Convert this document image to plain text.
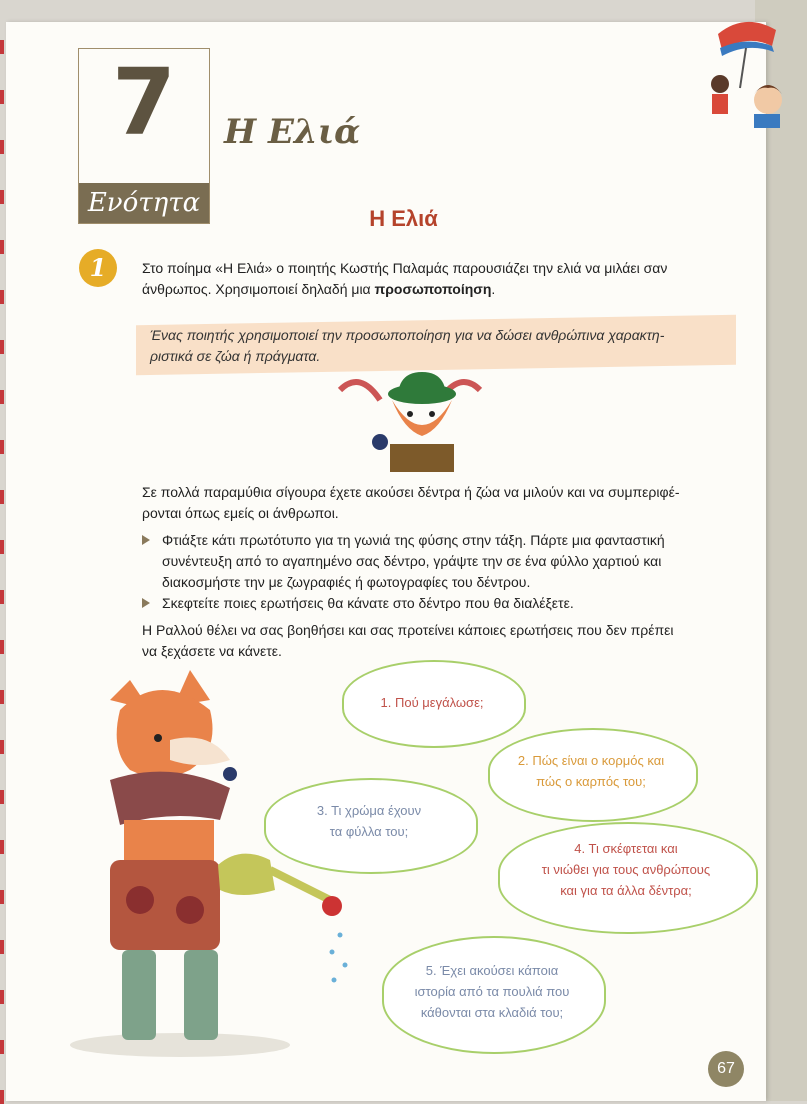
7
Ενότητα
Η Ελιά
Η Ελιά
1	Στο ποίημα «Η Ελιά» ο ποιητής Κωστής Παλαμάς παρουσιάζει την ελιά να μιλάει σαν
άνθρωπος. Χρησιμοποιεί δηλαδή μια προσωποποίηση.
Ένας ποιητής χρησιμοποιεί την προσωποποίηση για να δώσει ανθρώπινα χαρακτη-
ριστικά σε ζώα ή πράγματα.
Σε πολλά παραμύθια σίγουρα έχετε ακούσει δέντρα ή ζώα να μιλούν και να συμπεριφέ-
ρονται όπως εμείς οι άνθρωποι.
Φτιάξτε κάτι πρωτότυπο για τη γωνιά της φύσης στην τάξη. Πάρτε μια φανταστική
συνέντευξη από το αγαπημένο σας δέντρο, γράψτε την σε ένα φύλλο χαρτιού και
διακοσμήστε την με ζωγραφιές ή φωτογραφίες του δέντρου.
Σκεφτείτε ποιες ερωτήσεις θα κάνατε στο δέντρο που θα διαλέξετε.
Η Ραλλού θέλει να σας βοηθήσει και σας προτείνει κάποιες ερωτήσεις που δεν πρέπει
να ξεχάσετε να κάνετε.
1. Πού μεγάλωσε;
2. Πώς είναι ο κορμός και
πώς ο καρπός του;
3. Τι χρώμα έχουν
τα φύλλα του;
4. Τι σκέφτεται και
τι νιώθει για τους ανθρώπους
και για τα άλλα δέντρα;
5. Έχει ακούσει κάποια
ιστορία από τα πουλιά που
κάθονται στα κλαδιά του;
67
